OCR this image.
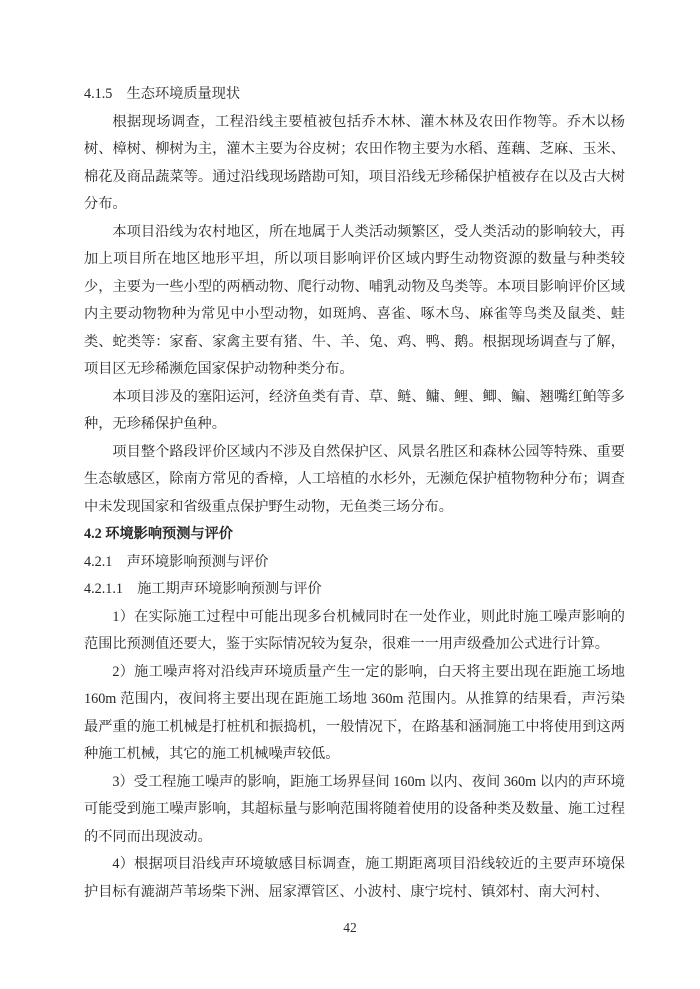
4.1.5　生态环境质量现状

根据现场调查，工程沿线主要植被包括乔木林、灌木林及农田作物等。乔木以杨树、樟树、柳树为主，灌木主要为谷皮树；农田作物主要为水稻、莲藕、芝麻、玉米、棉花及商品蔬菜等。通过沿线现场踏勘可知，项目沿线无珍稀保护植被存在以及古大树分布。

本项目沿线为农村地区，所在地属于人类活动频繁区，受人类活动的影响较大，再加上项目所在地区地形平坦，所以项目影响评价区域内野生动物资源的数量与种类较少，主要为一些小型的两栖动物、爬行动物、哺乳动物及鸟类等。本项目影响评价区域内主要动物物种为常见中小型动物，如斑鸠、喜雀、啄木鸟、麻雀等鸟类及鼠类、蛙类、蛇类等：家畜、家禽主要有猪、牛、羊、兔、鸡、鸭、鹅。根据现场调查与了解，项目区无珍稀濒危国家保护动物种类分布。

本项目涉及的塞阳运河，经济鱼类有青、草、鲢、鳙、鲤、鲫、鳊、翘嘴红鲌等多种，无珍稀保护鱼种。

项目整个路段评价区域内不涉及自然保护区、风景名胜区和森林公园等特殊、重要生态敏感区，除南方常见的香樟，人工培植的水杉外，无濒危保护植物物种分布；调查中未发现国家和省级重点保护野生动物，无鱼类三场分布。

4.2 环境影响预测与评价
4.2.1　声环境影响预测与评价
4.2.1.1　施工期声环境影响预测与评价

1）在实际施工过程中可能出现多台机械同时在一处作业，则此时施工噪声影响的范围比预测值还要大，鉴于实际情况较为复杂，很难一一用声级叠加公式进行计算。

2）施工噪声将对沿线声环境质量产生一定的影响，白天将主要出现在距施工场地 160m 范围内，夜间将主要出现在距施工场地 360m 范围内。从推算的结果看，声污染最严重的施工机械是打桩机和振捣机，一般情况下，在路基和涵洞施工中将使用到这两种施工机械，其它的施工机械噪声较低。

3）受工程施工噪声的影响，距施工场界昼间 160m 以内、夜间 360m 以内的声环境可能受到施工噪声影响，其超标量与影响范围将随着使用的设备种类及数量、施工过程的不同而出现波动。

4）根据项目沿线声环境敏感目标调查，施工期距离项目沿线较近的主要声环境保护目标有漉湖芦苇场柴下洲、屈家潭管区、小波村、康宁垸村、镇郊村、南大河村、

42
